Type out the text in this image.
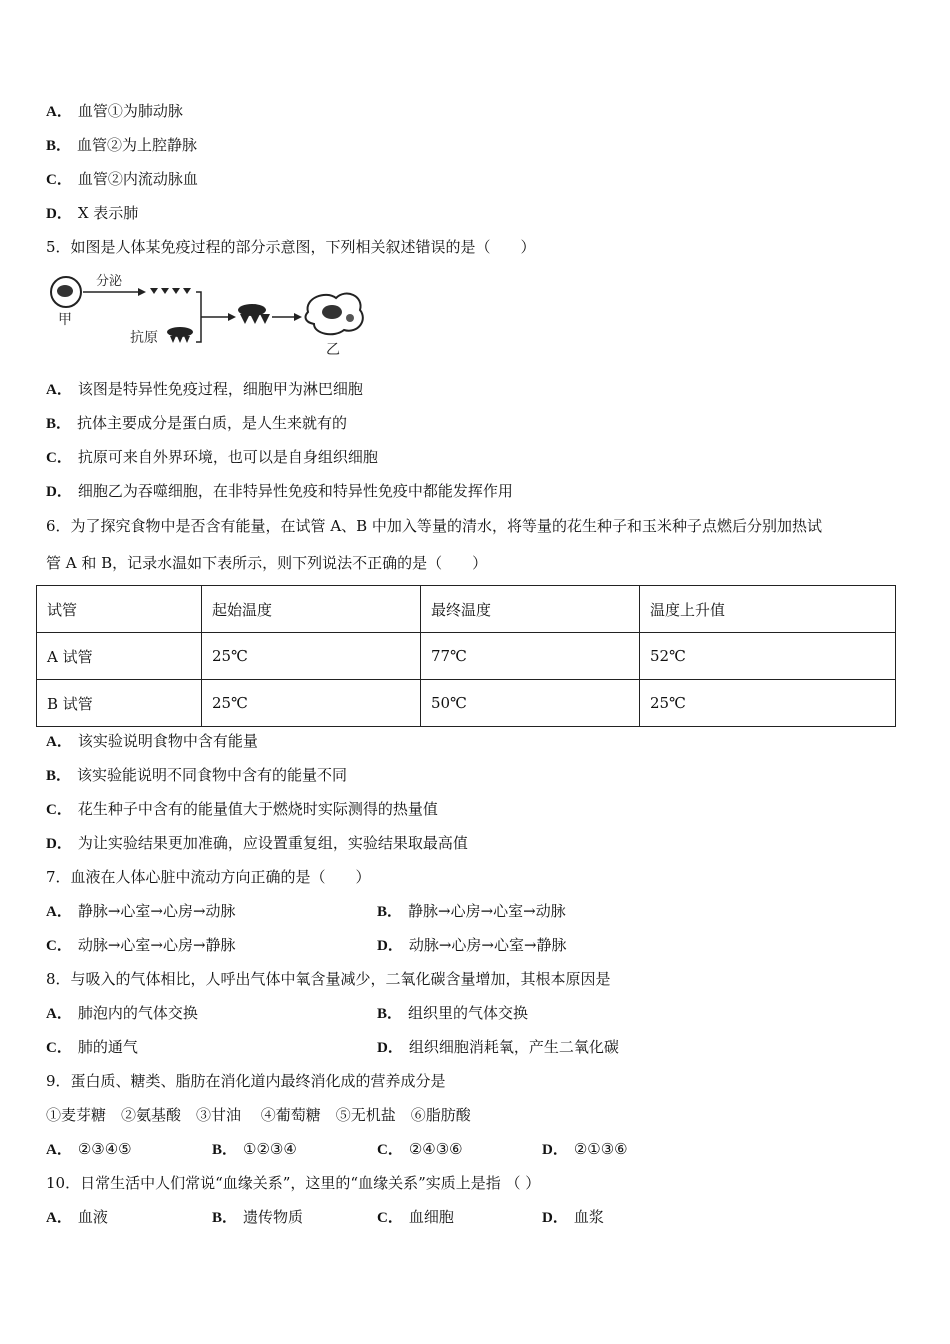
A． 血管①为肺动脉
B． 血管②为上腔静脉
C． 血管②内流动脉血
D． X 表示肺
5．如图是人体某免疫过程的部分示意图，下列相关叙述错误的是（　　）
甲
分泌
抗原
乙
A． 该图是特异性免疫过程，细胞甲为淋巴细胞
B． 抗体主要成分是蛋白质，是人生来就有的
C． 抗原可来自外界环境，也可以是自身组织细胞
D． 细胞乙为吞噬细胞，在非特异性免疫和特异性免疫中都能发挥作用
6．为了探究食物中是否含有能量，在试管 A、B 中加入等量的清水，将等量的花生种子和玉米种子点燃后分别加热试
管 A 和 B，记录水温如下表所示，则下列说法不正确的是（　　）
试管	起始温度	最终温度	温度上升值
A 试管	25℃	77℃	52℃
B 试管	25℃	50℃	25℃
A． 该实验说明食物中含有能量
B． 该实验能说明不同食物中含有的能量不同
C． 花生种子中含有的能量值大于燃烧时实际测得的热量值
D． 为让实验结果更加准确，应设置重复组，实验结果取最高值
7．血液在人体心脏中流动方向正确的是（　　）
A． 静脉→心室→心房→动脉	B． 静脉→心房→心室→动脉
C． 动脉→心室→心房→静脉	D． 动脉→心房→心室→静脉
8．与吸入的气体相比，人呼出气体中氧含量减少，二氧化碳含量增加，其根本原因是
A． 肺泡内的气体交换	B． 组织里的气体交换
C． 肺的通气	D． 组织细胞消耗氧，产生二氧化碳
9．蛋白质、糖类、脂肪在消化道内最终消化成的营养成分是
①麦芽糖　②氨基酸　③甘油　 ④葡萄糖　⑤无机盐　⑥脂肪酸
A． ②③④⑤	B． ①②③④	C． ②④③⑥	D． ②①③⑥
10．日常生活中人们常说“血缘关系”，这里的“血缘关系”实质上是指 （ ）
A． 血液	B． 遗传物质	C． 血细胞	D． 血浆
